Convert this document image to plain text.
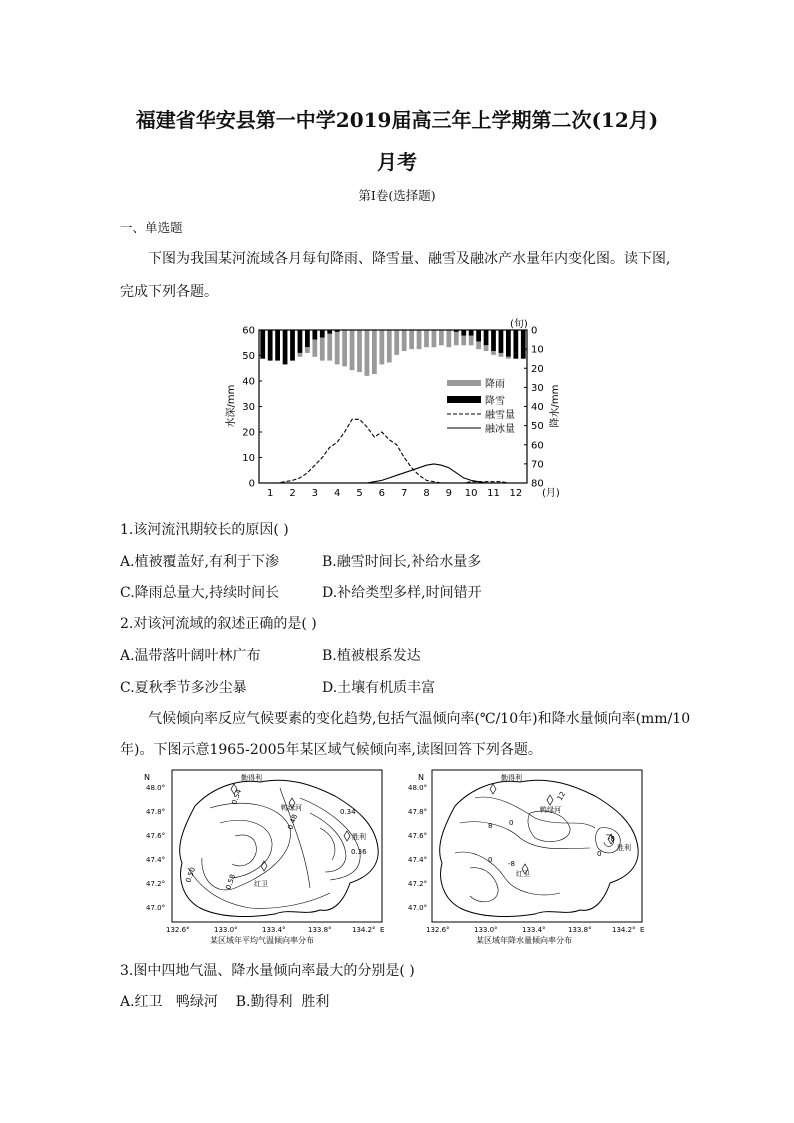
福建省华安县第一中学2019届高三年上学期第二次(12月)
月考
第Ⅰ卷(选择题)
一、单选题
下图为我国某河流域各月每旬降雨、降雪量、融雪及融冰产水量年内变化图。读下图,
完成下列各题。
0
10
20
30
40
50
60	0
10
20
30
40
50
60
70
80
1 2 3 4 5 6 7 8 9 10 11 12
水深/mm	降水/mm
(旬)
(月)
降雨
降雪
融雪量
融冰量
1.该河流汛期较长的原因( )
A.植被覆盖好,有利于下渗	B.融雪时间长,补给水量多
C.降雨总量大,持续时间长	D.补给类型多样,时间错开
2.对该河流域的叙述正确的是( )
A.温带落叶阔叶林广布	B.植被根系发达
C.夏秋季节多沙尘暴	D.土壤有机质丰富
气候倾向率反应气候要素的变化趋势,包括气温倾向率(℃/10年)和降水量倾向率(mm/10
年)。下图示意1965-2005年某区域气候倾向率,读图回答下列各题。
N
48.0°
47.8°
47.6°
47.4°
47.2°
47.0°
132.6°	133.0°	133.4°	133.8°	134.2° E
勤得利
鸭绿河
胜利
红卫
0.54
0.48
0.34
0.36
0.50	0.58
某区域年平均气温倾向率分布
N
48.0°
47.8°
47.6°
47.4°
47.2°
47.0°
132.6°	133.0°	133.4°	133.8°	134.2° E
勤得利
鸭绿河
胜利
红卫
12
8 0
0 -8
-8
0
某区域年降水量倾向率分布
3.图中四地气温、降水量倾向率最大的分别是( )
A.红卫   鸭绿河    B.勤得利  胜利
